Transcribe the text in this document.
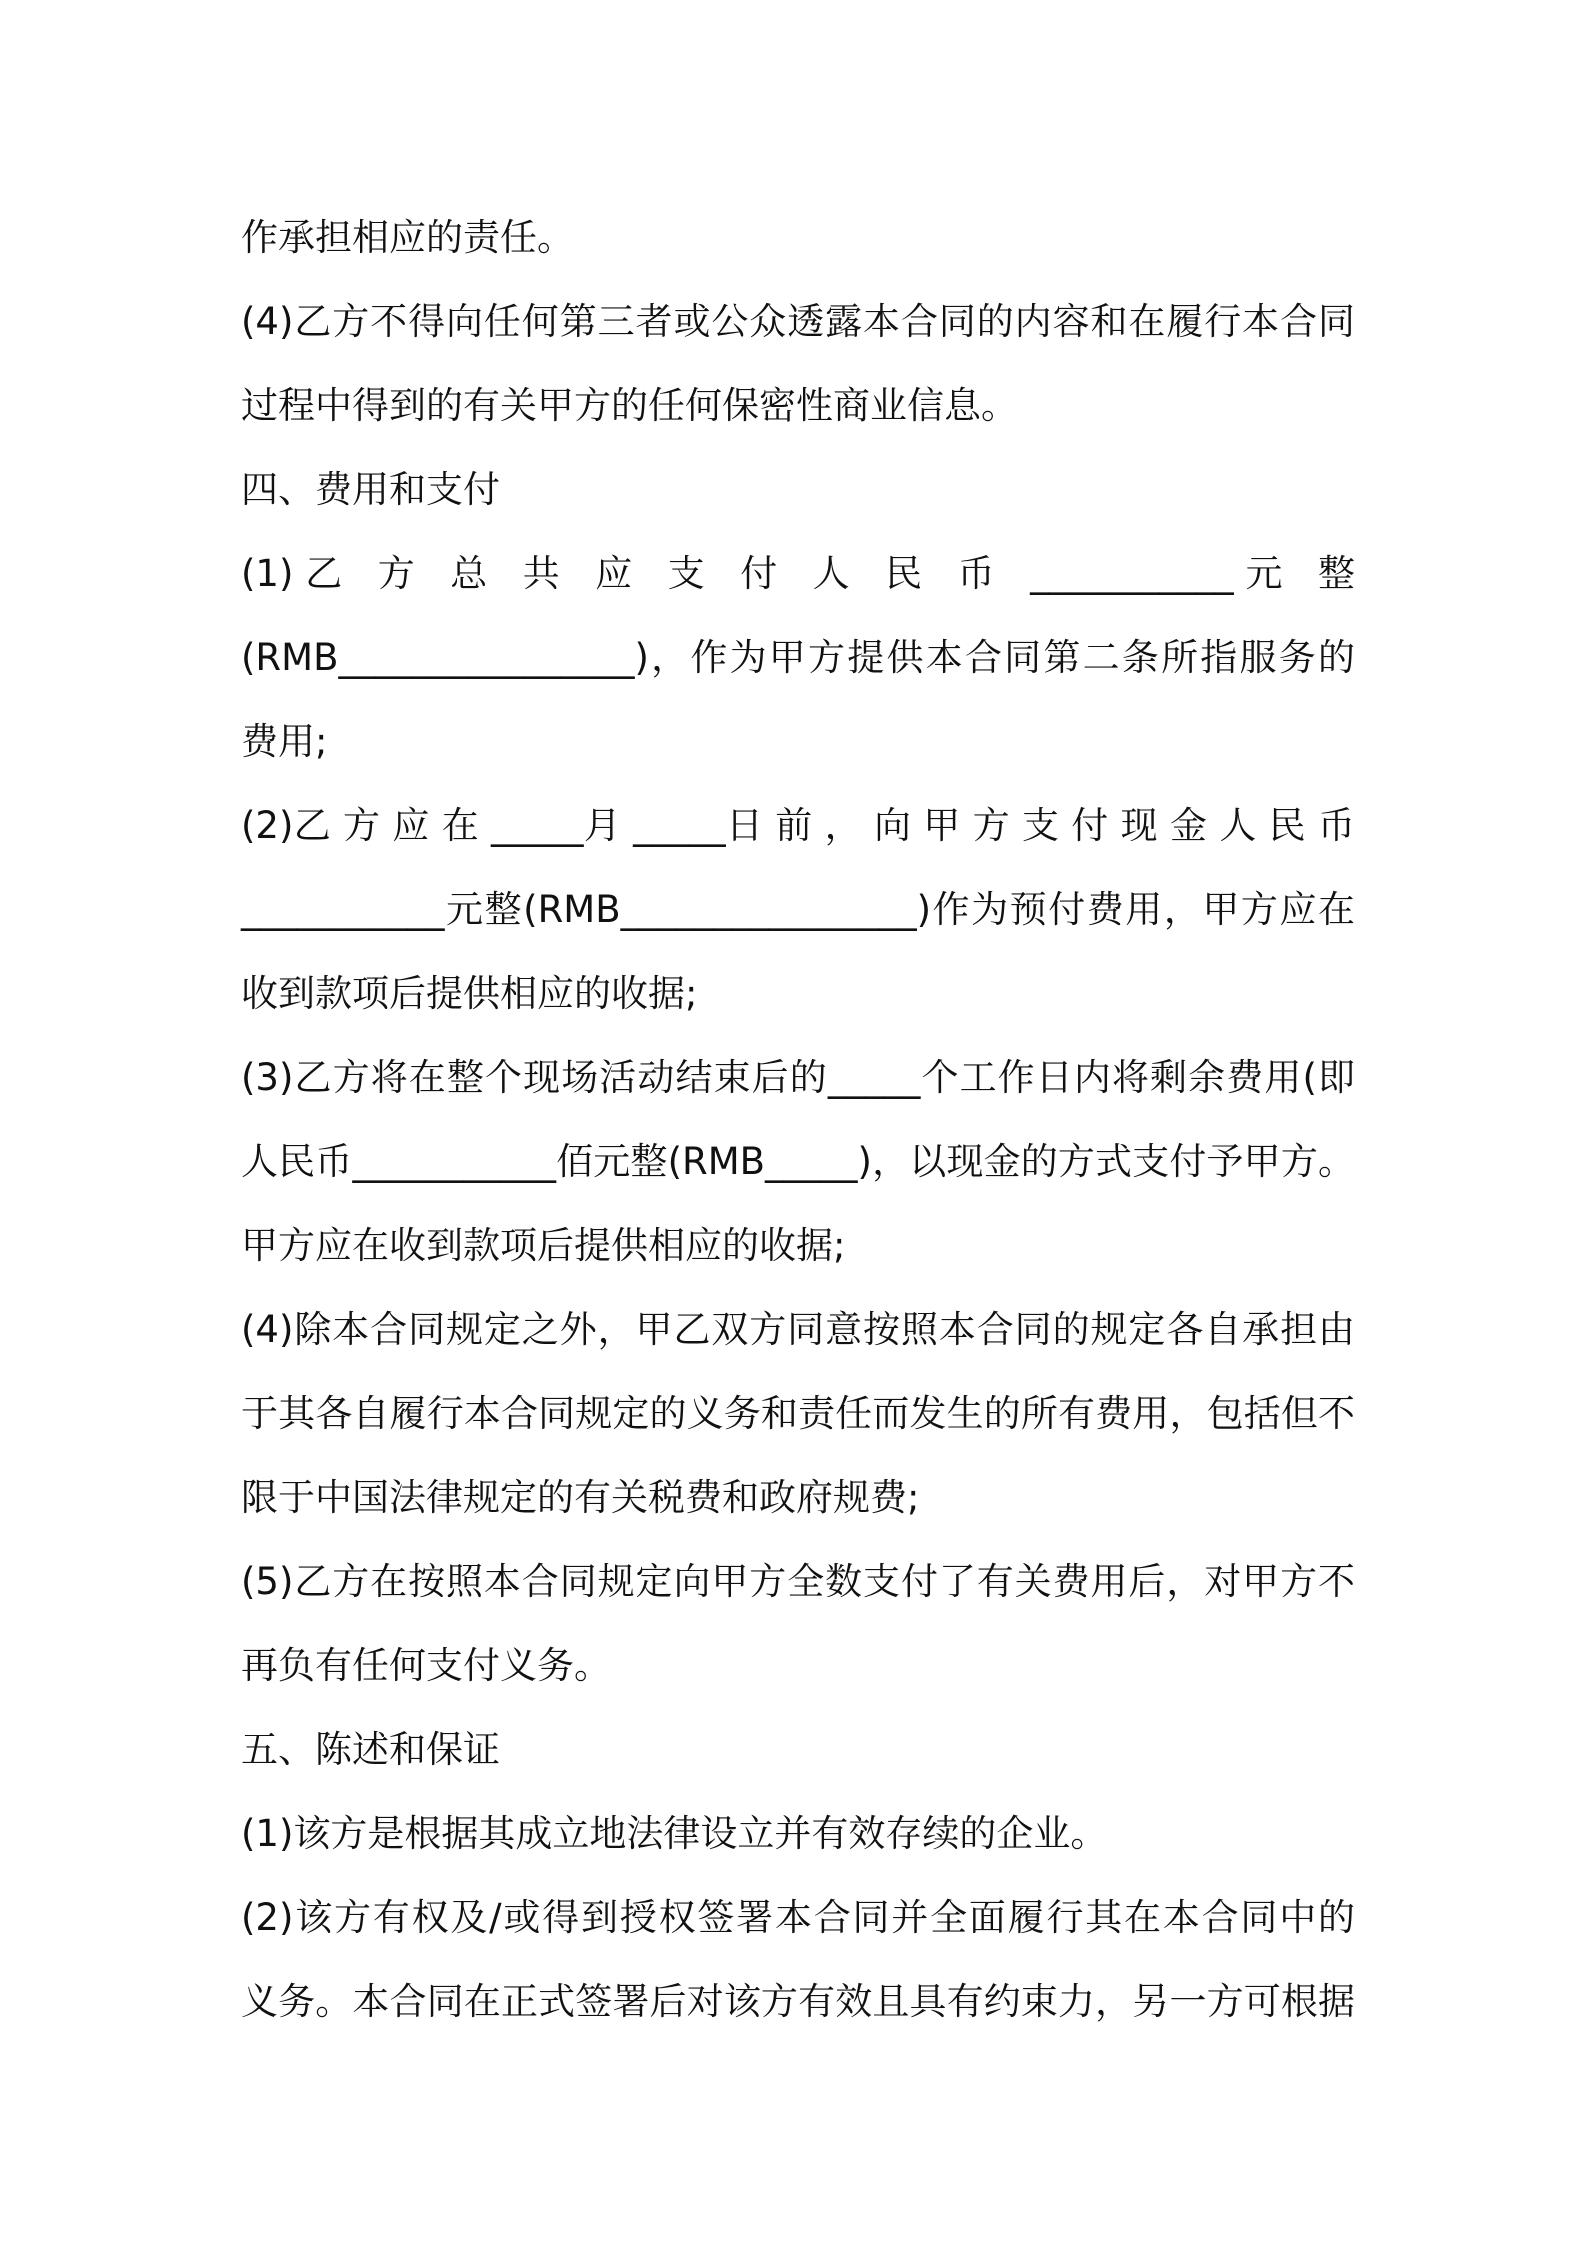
作承担相应的责任。
(4)乙方不得向任何第三者或公众透露本合同的内容和在履行本合同
过程中得到的有关甲方的任何保密性商业信息。
四、费用和支付
(1)乙 方 总 共 应 支 付 人 民 币 ___________元 整
(RMB________________)，作为甲方提供本合同第二条所指服务的
费用;
(2)乙 方 应 在 _____月 _____日 前 ， 向 甲 方 支 付 现 金 人 民 币
___________元整(RMB________________)作为预付费用，甲方应在
收到款项后提供相应的收据;
(3)乙方将在整个现场活动结束后的_____个工作日内将剩余费用(即
人民币___________佰元整(RMB_____)，以现金的方式支付予甲方。
甲方应在收到款项后提供相应的收据;
(4)除本合同规定之外，甲乙双方同意按照本合同的规定各自承担由
于其各自履行本合同规定的义务和责任而发生的所有费用，包括但不
限于中国法律规定的有关税费和政府规费;
(5)乙方在按照本合同规定向甲方全数支付了有关费用后，对甲方不
再负有任何支付义务。
五、陈述和保证
(1)该方是根据其成立地法律设立并有效存续的企业。
(2)该方有权及/或得到授权签署本合同并全面履行其在本合同中的
义务。本合同在正式签署后对该方有效且具有约束力，另一方可根据
